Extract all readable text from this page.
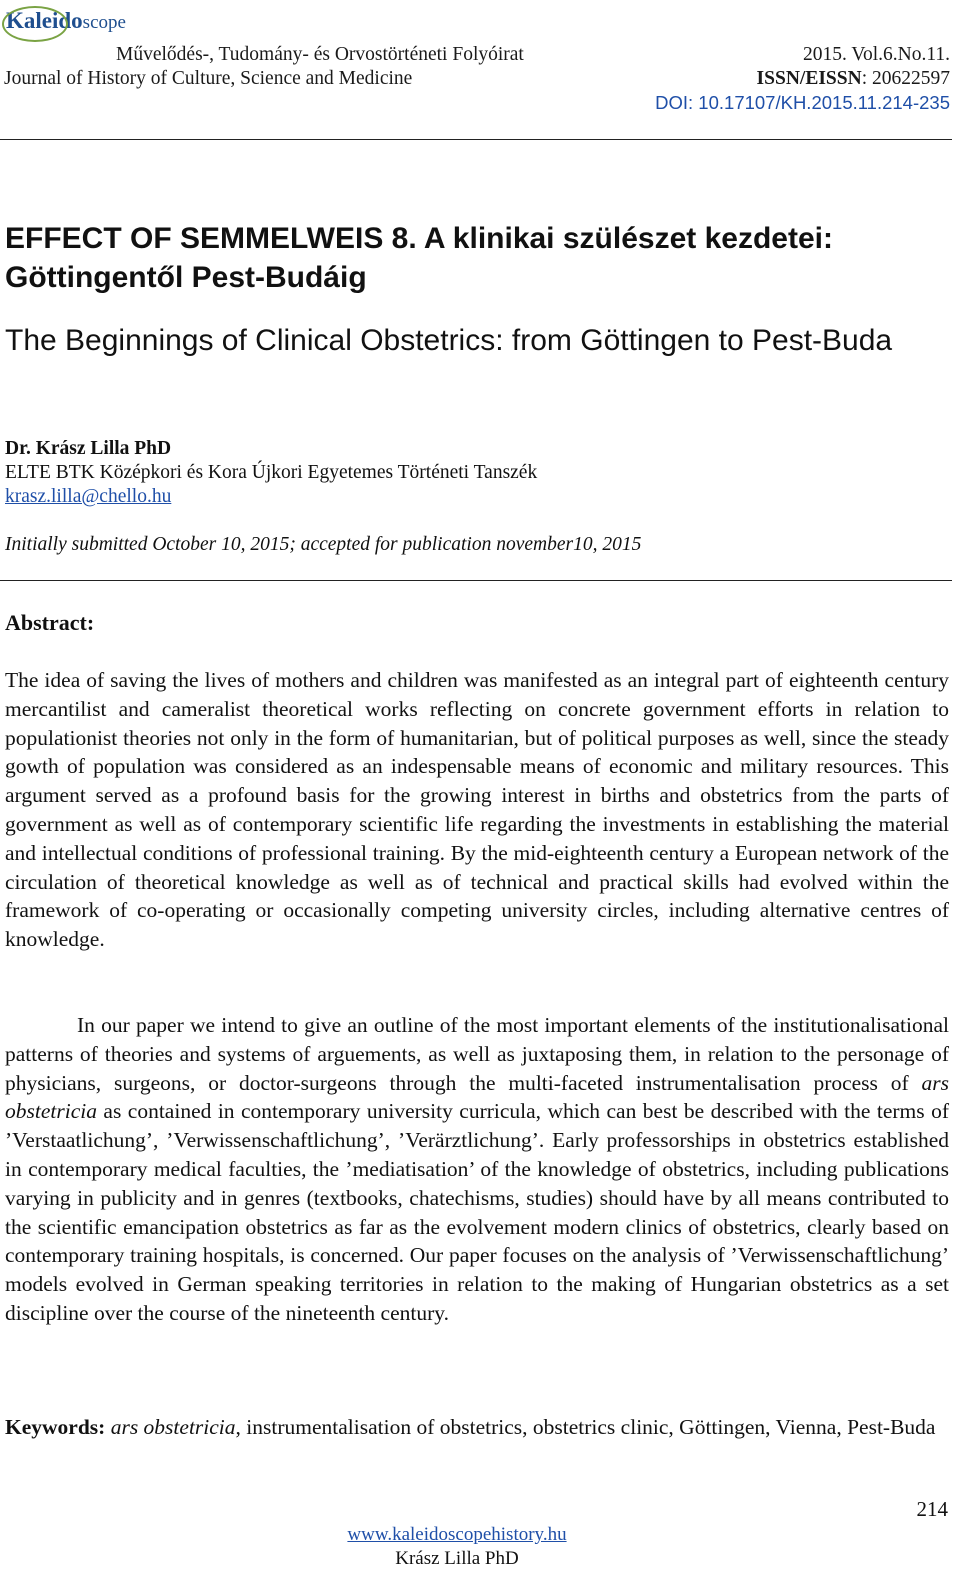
Kaleidoscope
Művelődés-, Tudomány- és Orvostörténeti Folyóirat
Journal of History of Culture, Science and Medicine
2015. Vol.6.No.11.
ISSN/EISSN: 20622597
DOI: 10.17107/KH.2015.11.214-235
EFFECT OF SEMMELWEIS 8. A klinikai szülészet kezdetei: Göttingentől Pest-Budáig
The Beginnings of Clinical Obstetrics: from Göttingen to Pest-Buda
Dr. Krász Lilla PhD
ELTE BTK Középkori és Kora Újkori Egyetemes Történeti Tanszék
krasz.lilla@chello.hu
Initially submitted October 10, 2015; accepted for publication november10, 2015
Abstract:
The idea of saving the lives of mothers and children was manifested as an integral part of eighteenth century mercantilist and cameralist theoretical works reflecting on concrete government efforts in relation to populationist theories not only in the form of humanitarian, but of political purposes as well, since the steady gowth of population was considered as an indespensable means of economic and military resources. This argument served as a profound basis for the growing interest in births and obstetrics from the parts of government as well as of contemporary scientific life regarding the investments in establishing the material and intellectual conditions of professional training. By the mid-eighteenth century a European network of the circulation of theoretical knowledge as well as of technical and practical skills had evolved within the framework of co-operating or occasionally competing university circles, including alternative centres of knowledge.
In our paper we intend to give an outline of the most important elements of the institutionalisational patterns of theories and systems of arguements, as well as juxtaposing them, in relation to the personage of physicians, surgeons, or doctor-surgeons through the multi-faceted instrumentalisation process of ars obstetricia as contained in contemporary university curricula, which can best be described with the terms of ’Verstaatlichung’, ’Verwissenschaftlichung’, ’Verärztlichung’. Early professorships in obstetrics established in contemporary medical faculties, the ’mediatisation’ of the knowledge of obstetrics, including publications varying in publicity and in genres (textbooks, chatechisms, studies) should have by all means contributed to the scientific emancipation obstetrics as far as the evolvement modern clinics of obstetrics, clearly based on contemporary training hospitals, is concerned. Our paper focuses on the analysis of ’Verwissenschaftlichung’ models evolved in German speaking territories in relation to the making of Hungarian obstetrics as a set discipline over the course of the nineteenth century.
Keywords: ars obstetricia, instrumentalisation of obstetrics, obstetrics clinic, Göttingen, Vienna, Pest-Buda
214
www.kaleidoscopehistory.hu
Krász Lilla PhD
